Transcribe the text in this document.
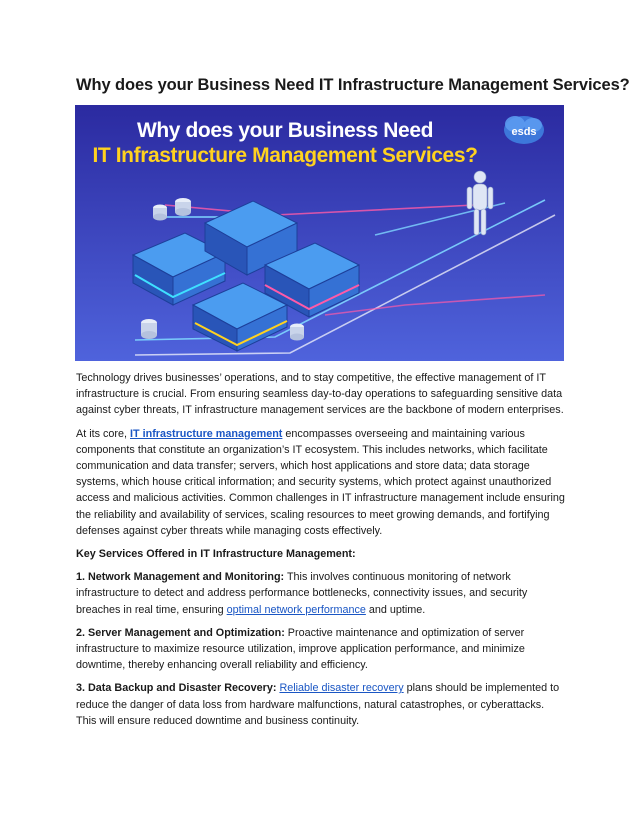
Why does your Business Need IT Infrastructure Management Services?
Why does your Business Need
IT Infrastructure Management Services?
esds

Technology drives businesses’ operations, and to stay competitive, the effective management of IT infrastructure is crucial. From ensuring seamless day-to-day operations to safeguarding sensitive data against cyber threats, IT infrastructure management services are the backbone of modern enterprises.

At its core, IT infrastructure management encompasses overseeing and maintaining various components that constitute an organization’s IT ecosystem. This includes networks, which facilitate communication and data transfer; servers, which host applications and store data; data storage systems, which house critical information; and security systems, which protect against unauthorized access and malicious activities. Common challenges in IT infrastructure management include ensuring the reliability and availability of services, scaling resources to meet growing demands, and fortifying defenses against cyber threats while managing costs effectively.

Key Services Offered in IT Infrastructure Management:

1. Network Management and Monitoring: This involves continuous monitoring of network infrastructure to detect and address performance bottlenecks, connectivity issues, and security breaches in real time, ensuring optimal network performance and uptime.

2. Server Management and Optimization: Proactive maintenance and optimization of server infrastructure to maximize resource utilization, improve application performance, and minimize downtime, thereby enhancing overall reliability and efficiency.

3. Data Backup and Disaster Recovery: Reliable disaster recovery plans should be implemented to reduce the danger of data loss from hardware malfunctions, natural catastrophes, or cyberattacks. This will ensure reduced downtime and business continuity.
